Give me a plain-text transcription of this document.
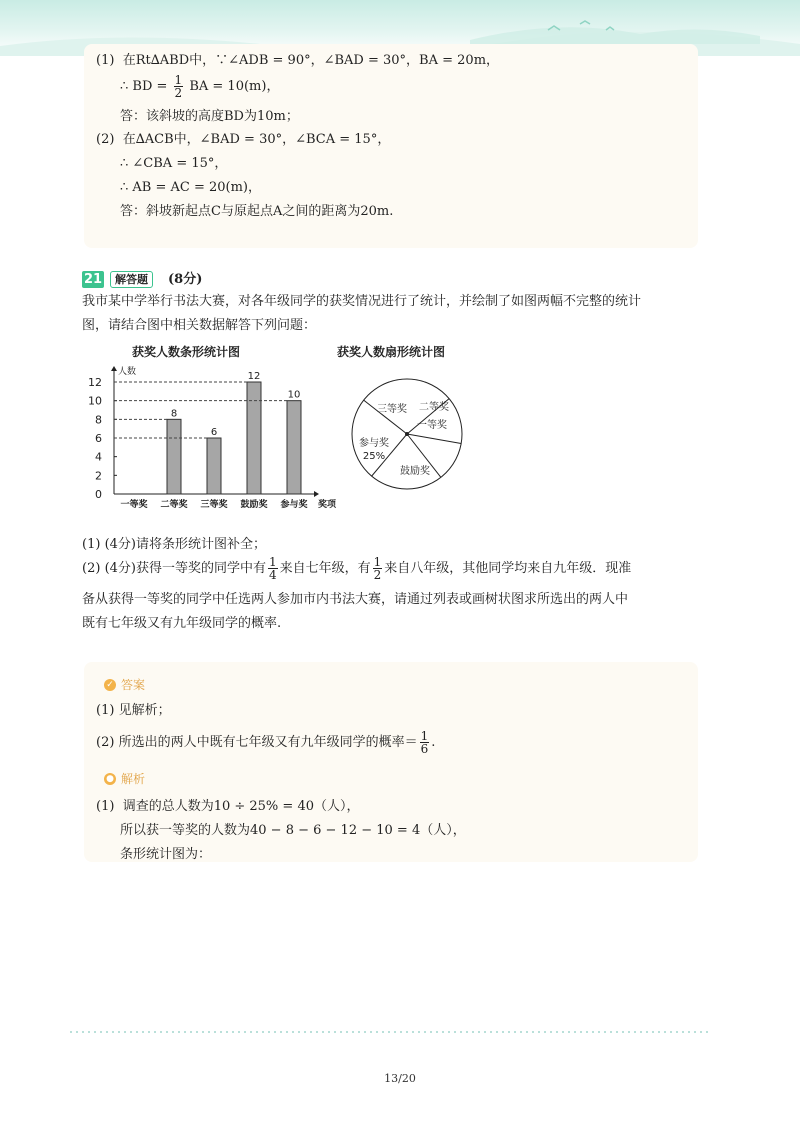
(1) 在Rt∆ABD中，∵∠ADB = 90°，∠BAD = 30°，BA = 20m，
∴ BD = $\frac{1}{2}$ BA = 10(m)，
答：该斜坡的高度BD为10m；
(2) 在∆ACB中，∠BAD = 30°，∠BCA = 15°，
∴ ∠CBA = 15°，
∴ AB = AC = 20(m)，
答：斜坡新起点C与原起点A之间的距离为20m.
21	解答题	(8分)
我市某中学举行书法大赛，对各年级同学的获奖情况进行了统计，并绘制了如图两幅不完整的统计
图，请结合图中相关数据解答下列问题：
获奖人数条形统计图
人数
奖项
0
2
4
6
8
10
12
一等奖 二等奖
8
三等奖
6
鼓励奖
12
参与奖
10
获奖人数扇形统计图
一等奖
二等奖
三等奖
鼓励奖
参与奖
25%
(1) (4分)请将条形统计图补全；
(2) (4分)获得一等奖的同学中有 $\frac{1}{4}$ 来自七年级，有 $\frac{1}{2}$ 来自八年级，其他同学均来自九年级．现准
备从获得一等奖的同学中任选两人参加市内书法大赛，请通过列表或画树状图求所选出的两人中
既有七年级又有九年级同学的概率.
✓ 答案
(1) 见解析；
(2) 所选出的两人中既有七年级又有九年级同学的概率＝ $\frac{1}{6}$ .
● 解析
(1) 调查的总人数为10 ÷ 25% = 40（人），
所以获一等奖的人数为40 − 8 − 6 − 12 − 10 = 4（人），
条形统计图为：
13/20
